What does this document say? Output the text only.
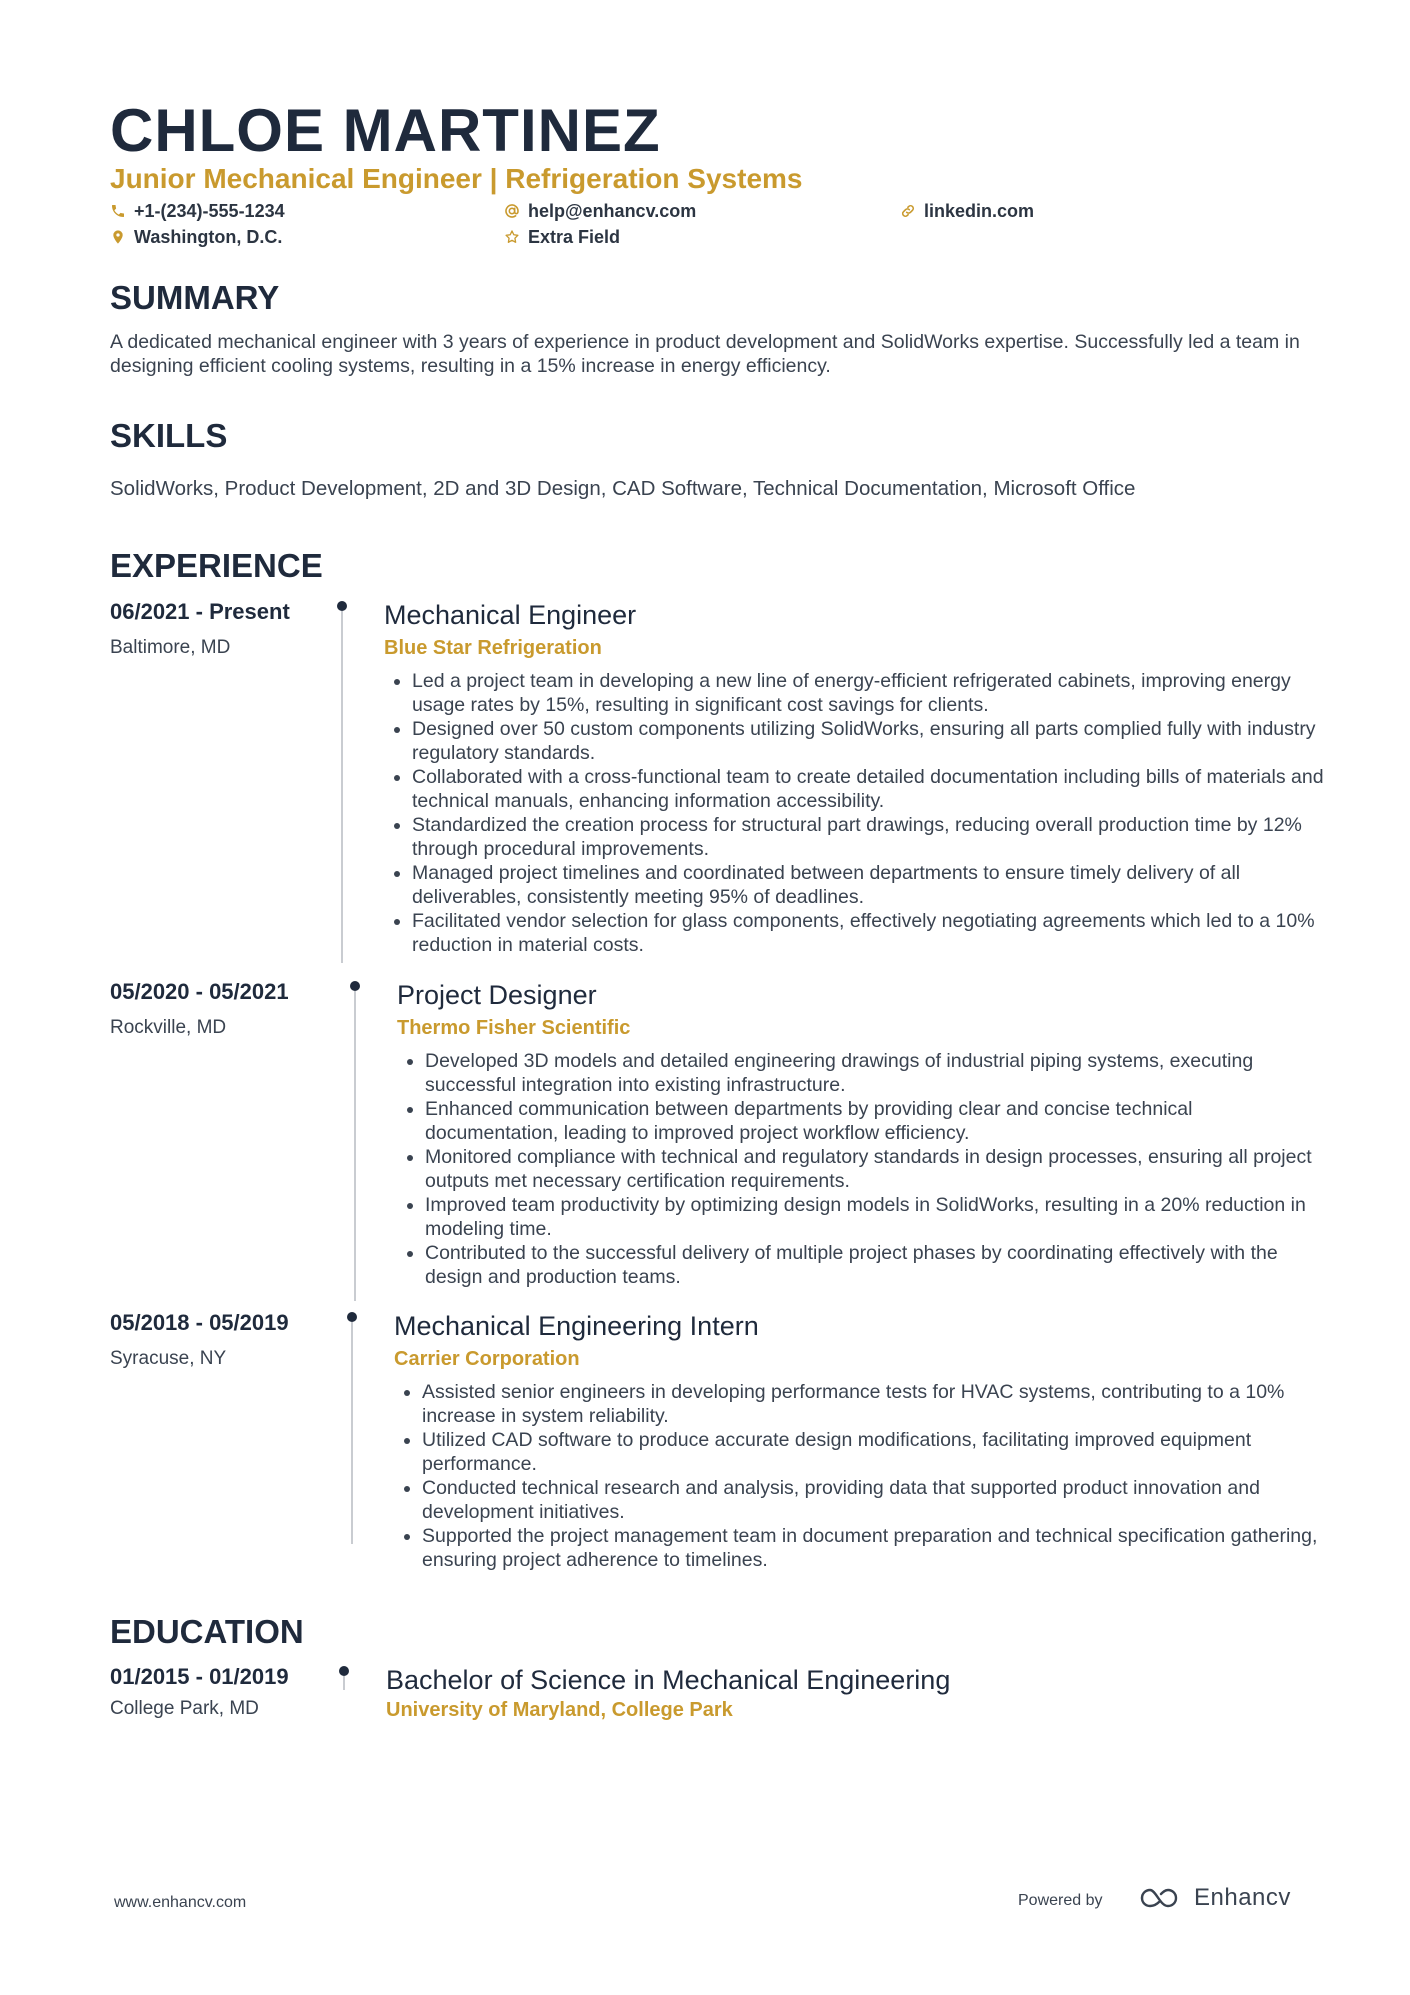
CHLOE MARTINEZ
Junior Mechanical Engineer | Refrigeration Systems
+1-(234)-555-1234	help@enhancv.com	linkedin.com
Washington, D.C.	Extra Field
SUMMARY
A dedicated mechanical engineer with 3 years of experience in product development and SolidWorks expertise. Successfully led a team in designing efficient cooling systems, resulting in a 15% increase in energy efficiency.
SKILLS
SolidWorks, Product Development, 2D and 3D Design, CAD Software, Technical Documentation, Microsoft Office
EXPERIENCE
06/2021 - Present
Baltimore, MD
Mechanical Engineer
Blue Star Refrigeration
• Led a project team in developing a new line of energy-efficient refrigerated cabinets, improving energy usage rates by 15%, resulting in significant cost savings for clients.
• Designed over 50 custom components utilizing SolidWorks, ensuring all parts complied fully with industry regulatory standards.
• Collaborated with a cross-functional team to create detailed documentation including bills of materials and technical manuals, enhancing information accessibility.
• Standardized the creation process for structural part drawings, reducing overall production time by 12% through procedural improvements.
• Managed project timelines and coordinated between departments to ensure timely delivery of all deliverables, consistently meeting 95% of deadlines.
• Facilitated vendor selection for glass components, effectively negotiating agreements which led to a 10% reduction in material costs.
05/2020 - 05/2021
Rockville, MD
Project Designer
Thermo Fisher Scientific
• Developed 3D models and detailed engineering drawings of industrial piping systems, executing successful integration into existing infrastructure.
• Enhanced communication between departments by providing clear and concise technical documentation, leading to improved project workflow efficiency.
• Monitored compliance with technical and regulatory standards in design processes, ensuring all project outputs met necessary certification requirements.
• Improved team productivity by optimizing design models in SolidWorks, resulting in a 20% reduction in modeling time.
• Contributed to the successful delivery of multiple project phases by coordinating effectively with the design and production teams.
05/2018 - 05/2019
Syracuse, NY
Mechanical Engineering Intern
Carrier Corporation
• Assisted senior engineers in developing performance tests for HVAC systems, contributing to a 10% increase in system reliability.
• Utilized CAD software to produce accurate design modifications, facilitating improved equipment performance.
• Conducted technical research and analysis, providing data that supported product innovation and development initiatives.
• Supported the project management team in document preparation and technical specification gathering, ensuring project adherence to timelines.
EDUCATION
01/2015 - 01/2019
College Park, MD
Bachelor of Science in Mechanical Engineering
University of Maryland, College Park
www.enhancv.com	Powered by	Enhancv
